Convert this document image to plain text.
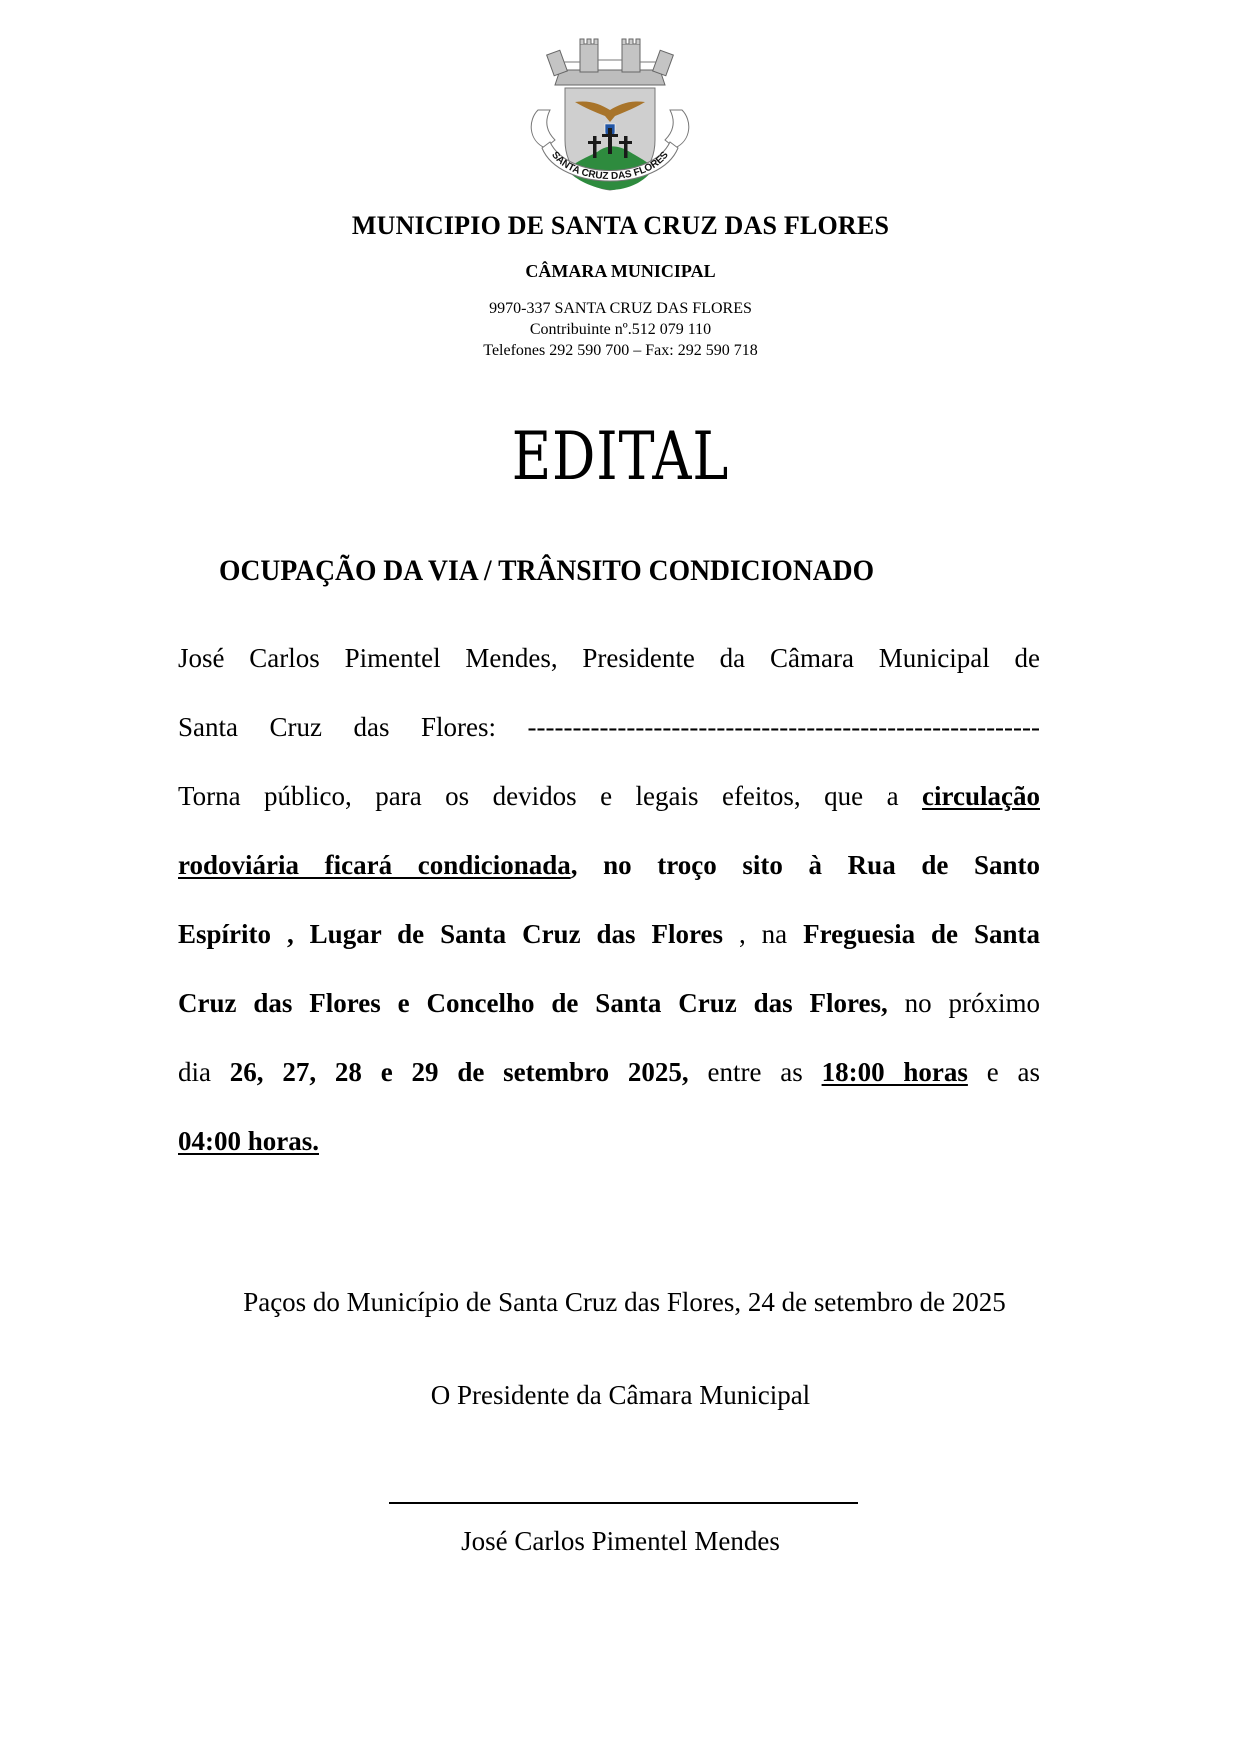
SANTA CRUZ DAS FLORES
MUNICIPIO DE SANTA CRUZ DAS FLORES
CÂMARA MUNICIPAL
9970-337 SANTA CRUZ DAS FLORES
Contribuinte nº.512 079 110
Telefones 292 590 700 – Fax: 292 590 718
EDITAL
OCUPAÇÃO DA VIA / TRÂNSITO CONDICIONADO
José Carlos Pimentel Mendes, Presidente da Câmara Municipal de
Santa Cruz das Flores: ---------------------------------------------------------
Torna público, para os devidos e legais efeitos, que a circulação
rodoviária ficará condicionada, no troço sito à Rua de Santo
Espírito , Lugar de Santa Cruz das Flores , na Freguesia de Santa
Cruz das Flores e Concelho de Santa Cruz das Flores, no próximo
dia 26, 27, 28 e 29 de setembro 2025, entre as 18:00 horas e as
04:00 horas.
Paços do Município de Santa Cruz das Flores, 24 de setembro de 2025
O Presidente da Câmara Municipal
José Carlos Pimentel Mendes
